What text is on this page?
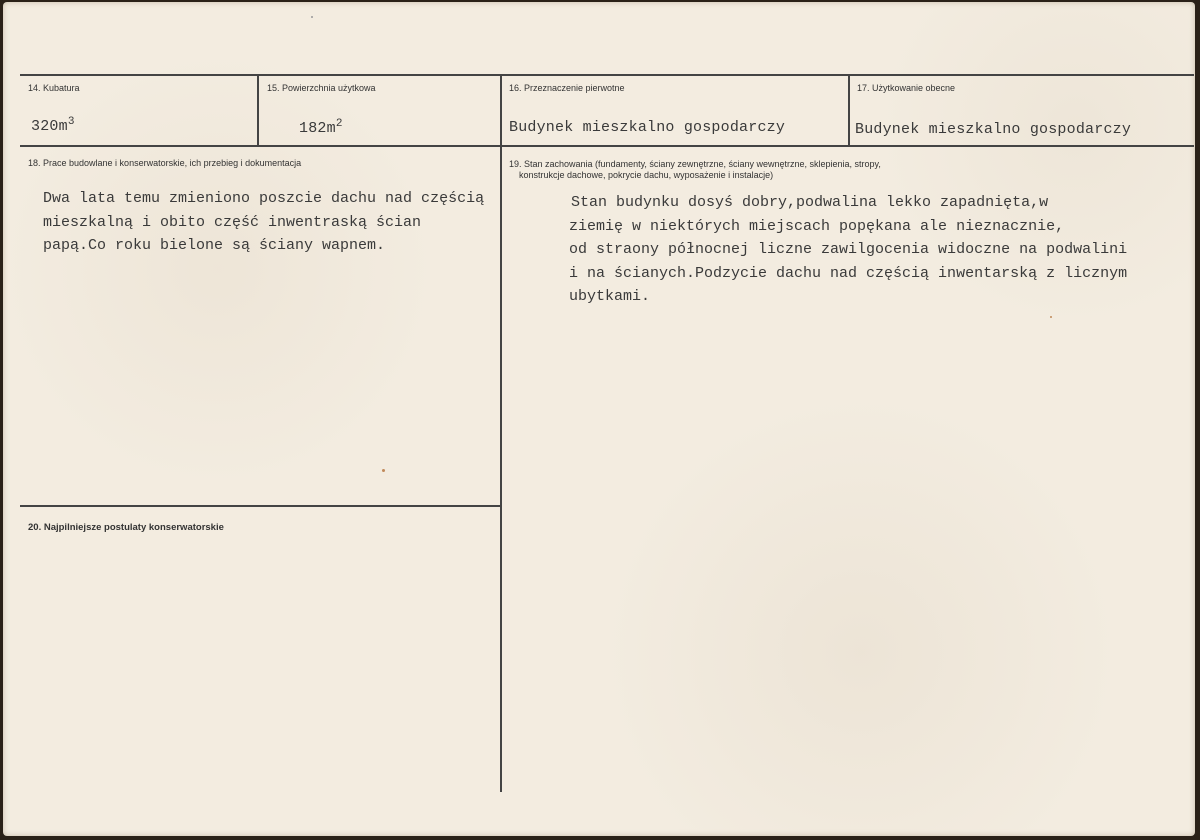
14. Kubatura
$320m^3$
15. Powierzchnia użytkowa
$182m^2$
16. Przeznaczenie pierwotne
Budynek mieszkalno gospodarczy
17. Użytkowanie obecne
Budynek mieszkalno gospodarczy
18. Prace budowlane i konserwatorskie, ich przebieg i dokumentacja
Dwa lata temu zmieniono poszcie dachu nad częścią
mieszkalną i obito część inwentraską ścian
papą.Co roku bielone są ściany wapnem.
19. Stan zachowania (fundamenty, ściany zewnętrzne, ściany wewnętrzne, sklepienia, stropy,
konstrukcje dachowe, pokrycie dachu, wyposażenie i instalacje)
Stan budynku dosyś dobry,podwalina lekko zapadnięta,w
ziemię w niektórych miejscach popękana ale nieznacznie,
od straony północnej liczne zawilgocenia widoczne na podwalini
i na ścianych.Podzycie dachu nad częścią inwentarską z licznym
ubytkami.
20. Najpilniejsze postulaty konserwatorskie
